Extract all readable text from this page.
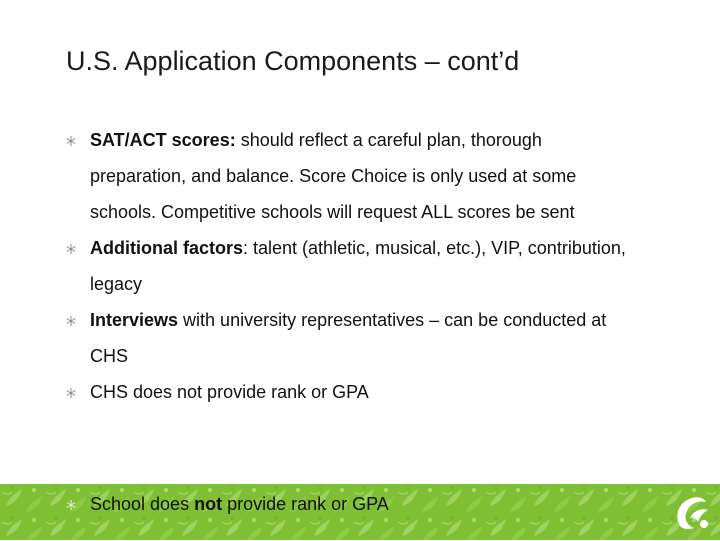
U.S. Application Components – cont’d
SAT/ACT scores: should reflect a careful plan, thorough preparation, and balance. Score Choice is only used at some schools. Competitive schools will request ALL scores be sent
Additional factors: talent (athletic, musical, etc.), VIP, contribution, legacy
Interviews with university representatives – can be conducted at CHS
CHS does not provide rank or GPA
School does not provide rank or GPA
